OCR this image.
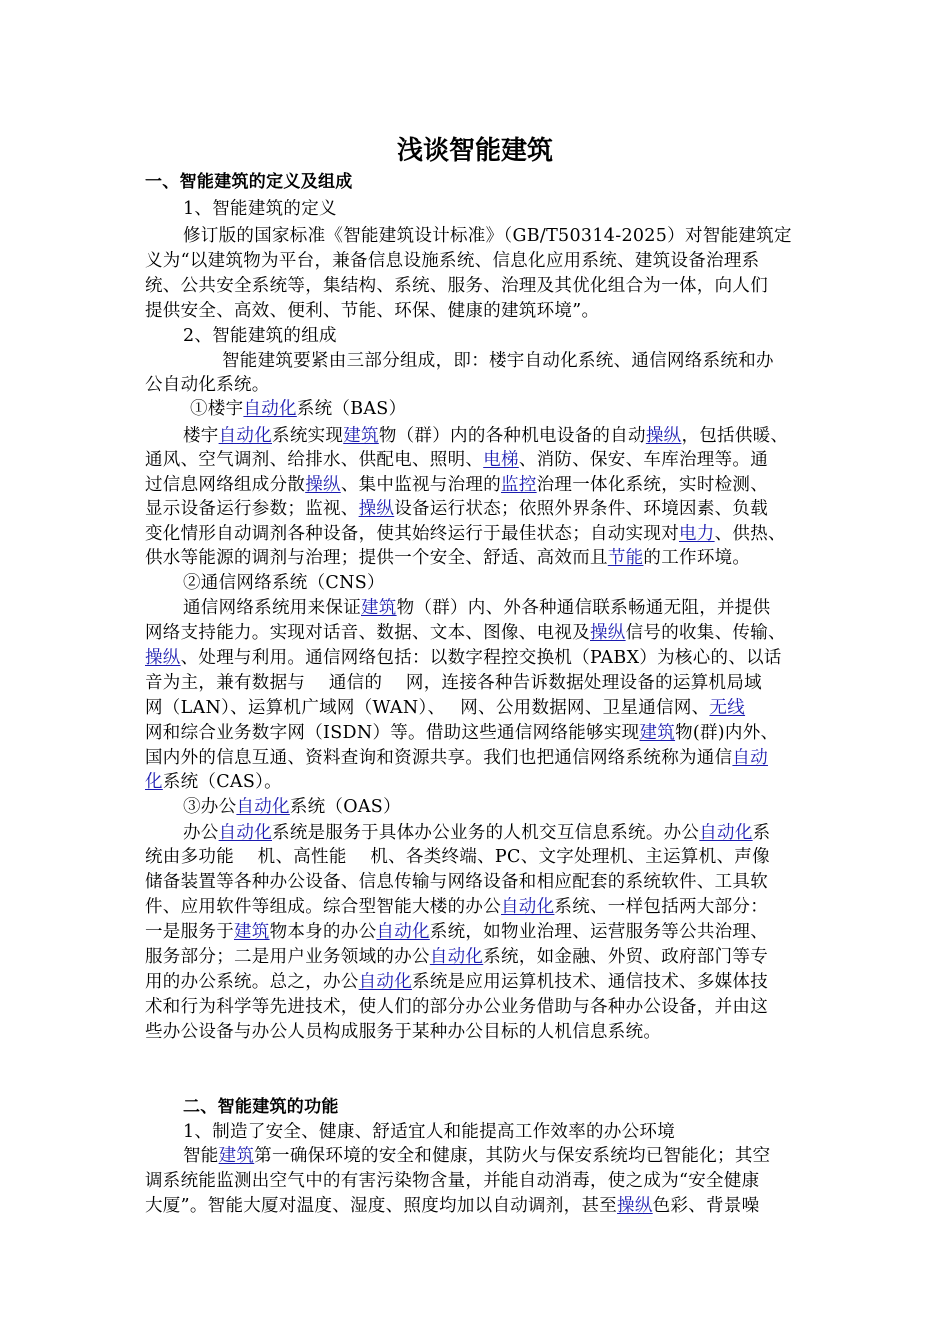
浅谈智能建筑
一、智能建筑的定义及组成
1、智能建筑的定义
修订版的国家标准《智能建筑设计标准》（GB/T50314-2025）对智能建筑定
义为“以建筑物为平台，兼备信息设施系统、信息化应用系统、建筑设备治理系
统、公共安全系统等，集结构、系统、服务、治理及其优化组合为一体，向人们
提供安全、高效、便利、节能、环保、健康的建筑环境”。
2、智能建筑的组成
智能建筑要紧由三部分组成，即：楼宇自动化系统、通信网络系统和办
公自动化系统。
①楼宇自动化系统（BAS）
楼宇自动化系统实现建筑物（群）内的各种机电设备的自动操纵，包括供暖、
通风、空气调剂、给排水、供配电、照明、电梯、消防、保安、车库治理等。通
过信息网络组成分散操纵、集中监视与治理的监控治理一体化系统，实时检测、
显示设备运行参数；监视、操纵设备运行状态；依照外界条件、环境因素、负载
变化情形自动调剂各种设备，使其始终运行于最佳状态；自动实现对电力、供热、
供水等能源的调剂与治理；提供一个安全、舒适、高效而且节能的工作环境。
②通信网络系统（CNS）
通信网络系统用来保证建筑物（群）内、外各种通信联系畅通无阻，并提供
网络支持能力。实现对话音、数据、文本、图像、电视及操纵信号的收集、传输、
操纵、处理与利用。通信网络包括：以数字程控交换机（PABX）为核心的、以话
音为主，兼有数据与　 通信的　 网，连接各种告诉数据处理设备的运算机局域
网（LAN）、运算机广域网（WAN）、　 网、公用数据网、卫星通信网、无线
网和综合业务数字网（ISDN）等。借助这些通信网络能够实现建筑物(群)内外、
国内外的信息互通、资料查询和资源共享。我们也把通信网络系统称为通信自动
化系统（CAS）。
③办公自动化系统（OAS）
办公自动化系统是服务于具体办公业务的人机交互信息系统。办公自动化系
统由多功能　 机、高性能　 机、各类终端、PC、文字处理机、主运算机、声像
储备装置等各种办公设备、信息传输与网络设备和相应配套的系统软件、工具软
件、应用软件等组成。综合型智能大楼的办公自动化系统、一样包括两大部分：
一是服务于建筑物本身的办公自动化系统，如物业治理、运营服务等公共治理、
服务部分；二是用户业务领域的办公自动化系统，如金融、外贸、政府部门等专
用的办公系统。总之，办公自动化系统是应用运算机技术、通信技术、多媒体技
术和行为科学等先进技术，使人们的部分办公业务借助与各种办公设备，并由这
些办公设备与办公人员构成服务于某种办公目标的人机信息系统。
二、智能建筑的功能
1、制造了安全、健康、舒适宜人和能提高工作效率的办公环境
智能建筑第一确保环境的安全和健康，其防火与保安系统均已智能化；其空
调系统能监测出空气中的有害污染物含量，并能自动消毒，使之成为“安全健康
大厦”。智能大厦对温度、湿度、照度均加以自动调剂，甚至操纵色彩、背景噪
